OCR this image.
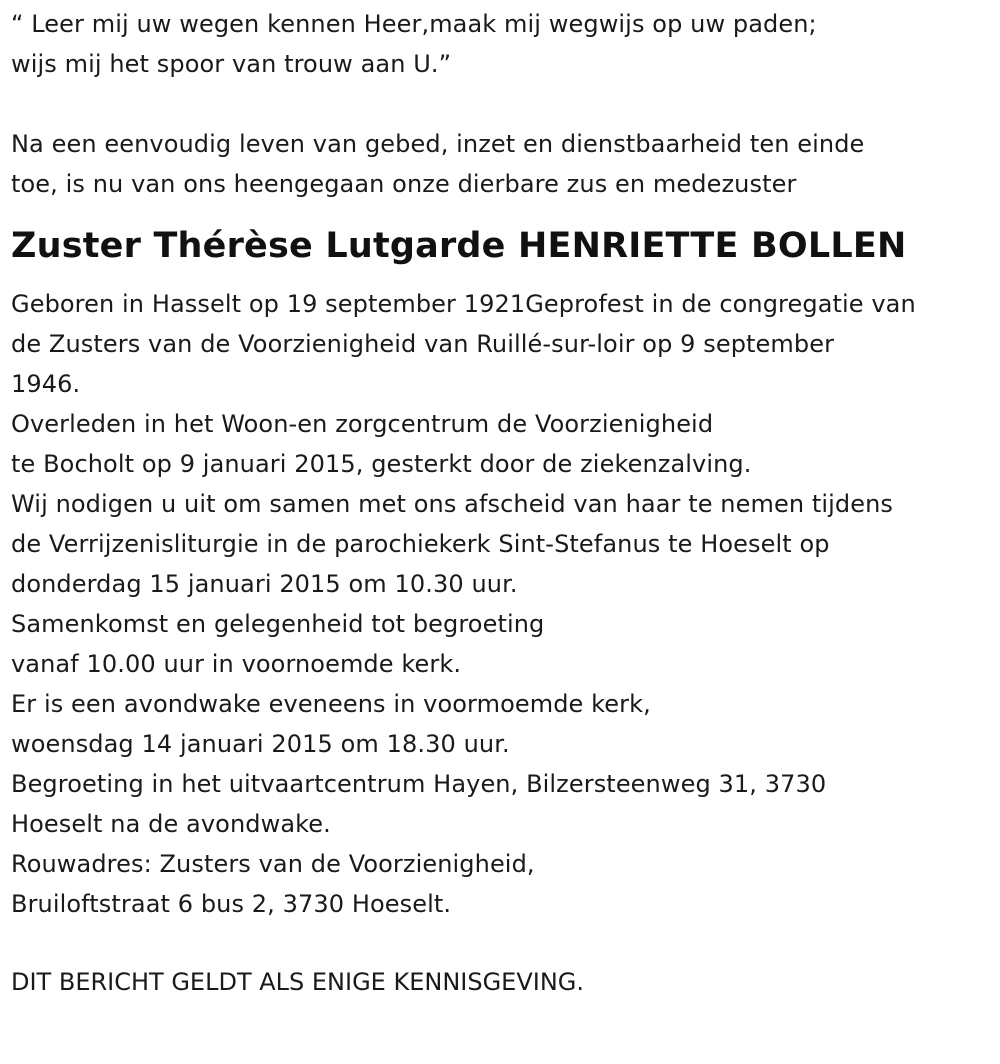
“ Leer mij uw wegen kennen Heer,maak mij wegwijs op uw paden;
wijs mij het spoor van trouw aan U.”
Na een eenvoudig leven van gebed, inzet en dienstbaarheid ten einde
toe, is nu van ons heengegaan onze dierbare zus en medezuster
Zuster Thérèse Lutgarde HENRIETTE BOLLEN
Geboren in Hasselt op 19 september 1921Geprofest in de congregatie van
de Zusters van de Voorzienigheid van Ruillé-sur-loir op 9 september
1946.
Overleden in het Woon-en zorgcentrum de Voorzienigheid
te Bocholt op 9 januari 2015, gesterkt door de ziekenzalving.
Wij nodigen u uit om samen met ons afscheid van haar te nemen tijdens
de Verrijzenisliturgie in de parochiekerk Sint-Stefanus te Hoeselt op
donderdag 15 januari 2015 om 10.30 uur.
Samenkomst en gelegenheid tot begroeting
vanaf 10.00 uur in voornoemde kerk.
Er is een avondwake eveneens in voormoemde kerk,
woensdag 14 januari 2015 om 18.30 uur.
Begroeting in het uitvaartcentrum Hayen, Bilzersteenweg 31, 3730
Hoeselt na de avondwake.
Rouwadres: Zusters van de Voorzienigheid,
Bruiloftstraat 6 bus 2, 3730 Hoeselt.
DIT BERICHT GELDT ALS ENIGE KENNISGEVING.
